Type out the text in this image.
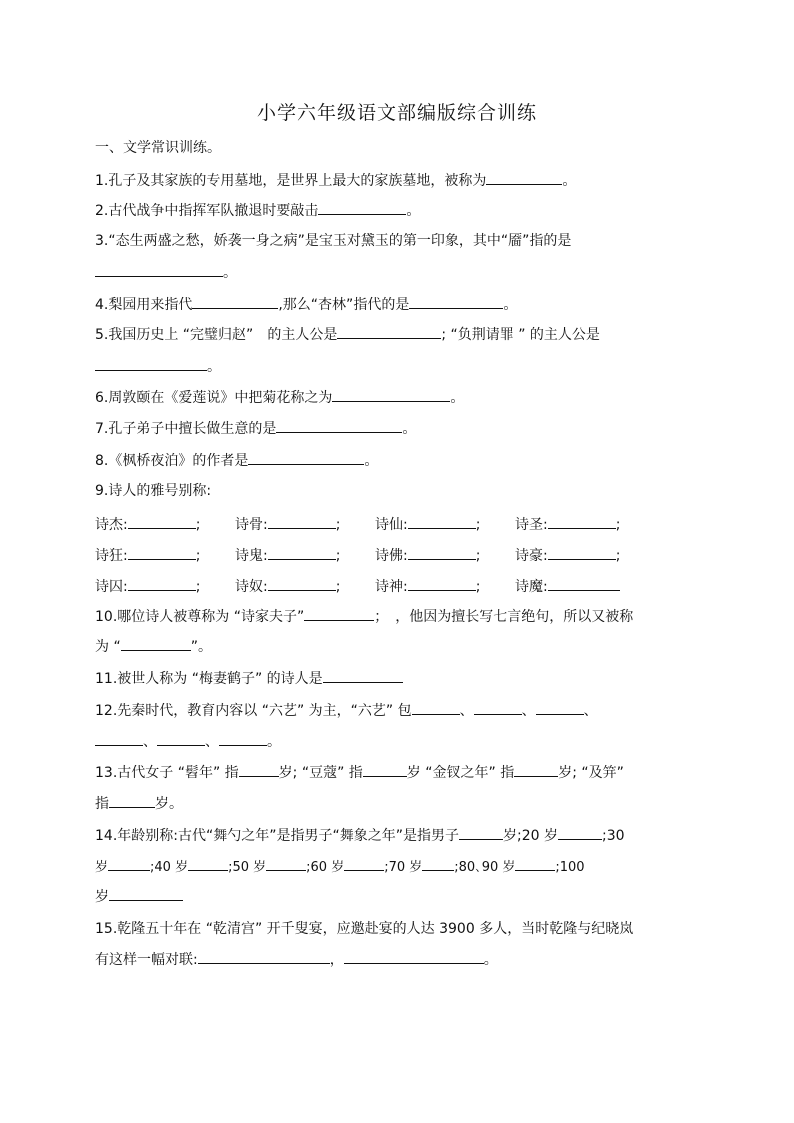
小学六年级语文部编版综合训练
一、文学常识训练。
1.孔子及其家族的专用墓地，是世界上最大的家族墓地，被称为	。
2.古代战争中指挥军队撤退时要敲击	。
3.“态生两盛之愁，娇袭一身之病”是宝玉对黛玉的第一印象，其中“靥”指的是
。
4.梨园用来指代	,那么“杏林”指代的是	。
5.我国历史上 “完璧归赵”　的主人公是	; “负荆请罪 ” 的主人公是
。
6.周敦颐在《爱莲说》中把菊花称之为	。
7.孔子弟子中擅长做生意的是	。
8.《枫桥夜泊》的作者是	。
9.诗人的雅号别称:
诗杰:	; 诗骨:	; 诗仙:	; 诗圣:	;
诗狂:	; 诗鬼:	; 诗佛:	; 诗豪:	;
诗囚:	; 诗奴:	; 诗神:	; 诗魔:
10.哪位诗人被尊称为 “诗家夫子”	；　，他因为擅长写七言绝句，所以又被称
为 “	”。
11.被世人称为 “梅妻鹤子” 的诗人是
12.先秦时代，教育内容以 “六艺” 为主，“六艺” 包	、	、	、
、	、	。
13.古代女子 “髫年” 指	岁; “豆蔻” 指	岁 “金钗之年” 指	岁; “及笄”
指	岁。
14.年龄别称:古代“舞勺之年”是指男子“舞象之年”是指男子	岁;20 岁	;30
岁	;40 岁	;50 岁	;60 岁	;70 岁 ;80､90 岁	;100
岁
15.乾隆五十年在 “乾清宫” 开千叟宴，应邀赴宴的人达 3900 多人，当时乾隆与纪晓岚
有这样一幅对联:	，	。
